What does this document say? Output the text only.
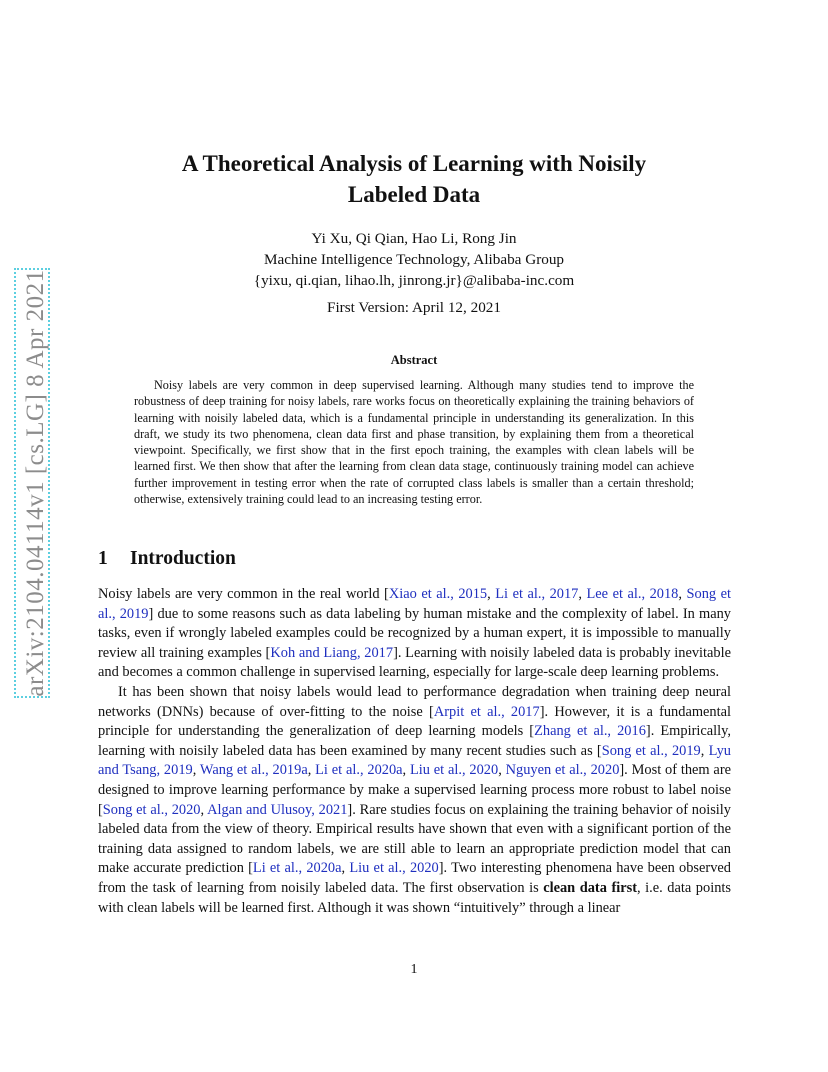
arXiv:2104.04114v1 [cs.LG] 8 Apr 2021
A Theoretical Analysis of Learning with Noisily
Labeled Data
Yi Xu, Qi Qian, Hao Li, Rong Jin
Machine Intelligence Technology, Alibaba Group
{yixu, qi.qian, lihao.lh, jinrong.jr}@alibaba-inc.com
First Version: April 12, 2021
Abstract
Noisy labels are very common in deep supervised learning. Although many studies tend to improve the robustness of deep training for noisy labels, rare works focus on theoretically explaining the training behaviors of learning with noisily labeled data, which is a fundamental principle in understanding its generalization. In this draft, we study its two phenomena, clean data first and phase transition, by explaining them from a theoretical viewpoint. Specifically, we first show that in the first epoch training, the examples with clean labels will be learned first. We then show that after the learning from clean data stage, continuously training model can achieve further improvement in testing error when the rate of corrupted class labels is smaller than a certain threshold; otherwise, extensively training could lead to an increasing testing error.
1 Introduction

Noisy labels are very common in the real world [Xiao et al., 2015, Li et al., 2017, Lee et al., 2018, Song et al., 2019] due to some reasons such as data labeling by human mistake and the complexity of label. In many tasks, even if wrongly labeled examples could be recognized by a human expert, it is impossible to manually review all training examples [Koh and Liang, 2017]. Learning with noisily labeled data is probably inevitable and becomes a common challenge in supervised learning, especially for large-scale deep learning problems.

It has been shown that noisy labels would lead to performance degradation when training deep neural networks (DNNs) because of over-fitting to the noise [Arpit et al., 2017]. However, it is a fundamental principle for understanding the generalization of deep learning models [Zhang et al., 2016]. Empirically, learning with noisily labeled data has been examined by many recent studies such as [Song et al., 2019, Lyu and Tsang, 2019, Wang et al., 2019a, Li et al., 2020a, Liu et al., 2020, Nguyen et al., 2020]. Most of them are designed to improve learning performance by make a supervised learning process more robust to label noise [Song et al., 2020, Algan and Ulusoy, 2021]. Rare studies focus on explaining the training behavior of noisily labeled data from the view of theory. Empirical results have shown that even with a significant portion of the training data assigned to random labels, we are still able to learn an appropriate prediction model that can make accurate prediction [Li et al., 2020a, Liu et al., 2020]. Two interesting phenomena have been observed from the task of learning from noisily labeled data. The first observation is clean data first, i.e. data points with clean labels will be learned first. Although it was shown “intuitively” through a linear

1
